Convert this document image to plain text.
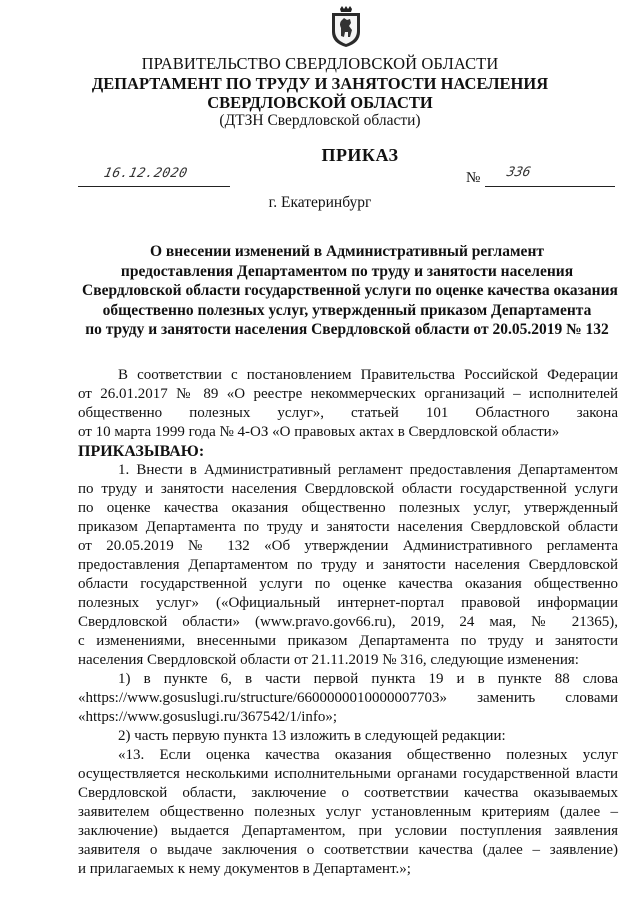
ПРАВИТЕЛЬСТВО СВЕРДЛОВСКОЙ ОБЛАСТИ
ДЕПАРТАМЕНТ ПО ТРУДУ И ЗАНЯТОСТИ НАСЕЛЕНИЯ
СВЕРДЛОВСКОЙ ОБЛАСТИ
(ДТЗН Свердловской области)
ПРИКАЗ
16.12.2020	№ 336
г. Екатеринбург
О внесении изменений в Административный регламент
предоставления Департаментом по труду и занятости населения
Свердловской области государственной услуги по оценке качества оказания
общественно полезных услуг, утвержденный приказом Департамента
по труду и занятости населения Свердловской области от 20.05.2019 № 132
В соответствии с постановлением Правительства Российской Федерации
от 26.01.2017 № 89 «О реестре некоммерческих организаций – исполнителей
общественно полезных услуг», статьей 101 Областного закона
от 10 марта 1999 года № 4-ОЗ «О правовых актах в Свердловской области»
ПРИКАЗЫВАЮ:
1. Внести в Административный регламент предоставления Департаментом
по труду и занятости населения Свердловской области государственной услуги
по оценке качества оказания общественно полезных услуг, утвержденный
приказом Департамента по труду и занятости населения Свердловской области
от 20.05.2019 № 132 «Об утверждении Административного регламента
предоставления Департаментом по труду и занятости населения Свердловской
области государственной услуги по оценке качества оказания общественно
полезных услуг» («Официальный интернет-портал правовой информации
Свердловской области» (www.pravo.gov66.ru), 2019, 24 мая, № 21365),
с изменениями, внесенными приказом Департамента по труду и занятости
населения Свердловской области от 21.11.2019 № 316, следующие изменения:
1) в пункте 6, в части первой пункта 19 и в пункте 88 слова
«https://www.gosuslugi.ru/structure/6600000010000007703» заменить словами
«https://www.gosuslugi.ru/367542/1/info»;
2) часть первую пункта 13 изложить в следующей редакции:
«13. Если оценка качества оказания общественно полезных услуг
осуществляется несколькими исполнительными органами государственной власти
Свердловской области, заключение о соответствии качества оказываемых
заявителем общественно полезных услуг установленным критериям (далее –
заключение) выдается Департаментом, при условии поступления заявления
заявителя о выдаче заключения о соответствии качества (далее – заявление)
и прилагаемых к нему документов в Департамент.»;
